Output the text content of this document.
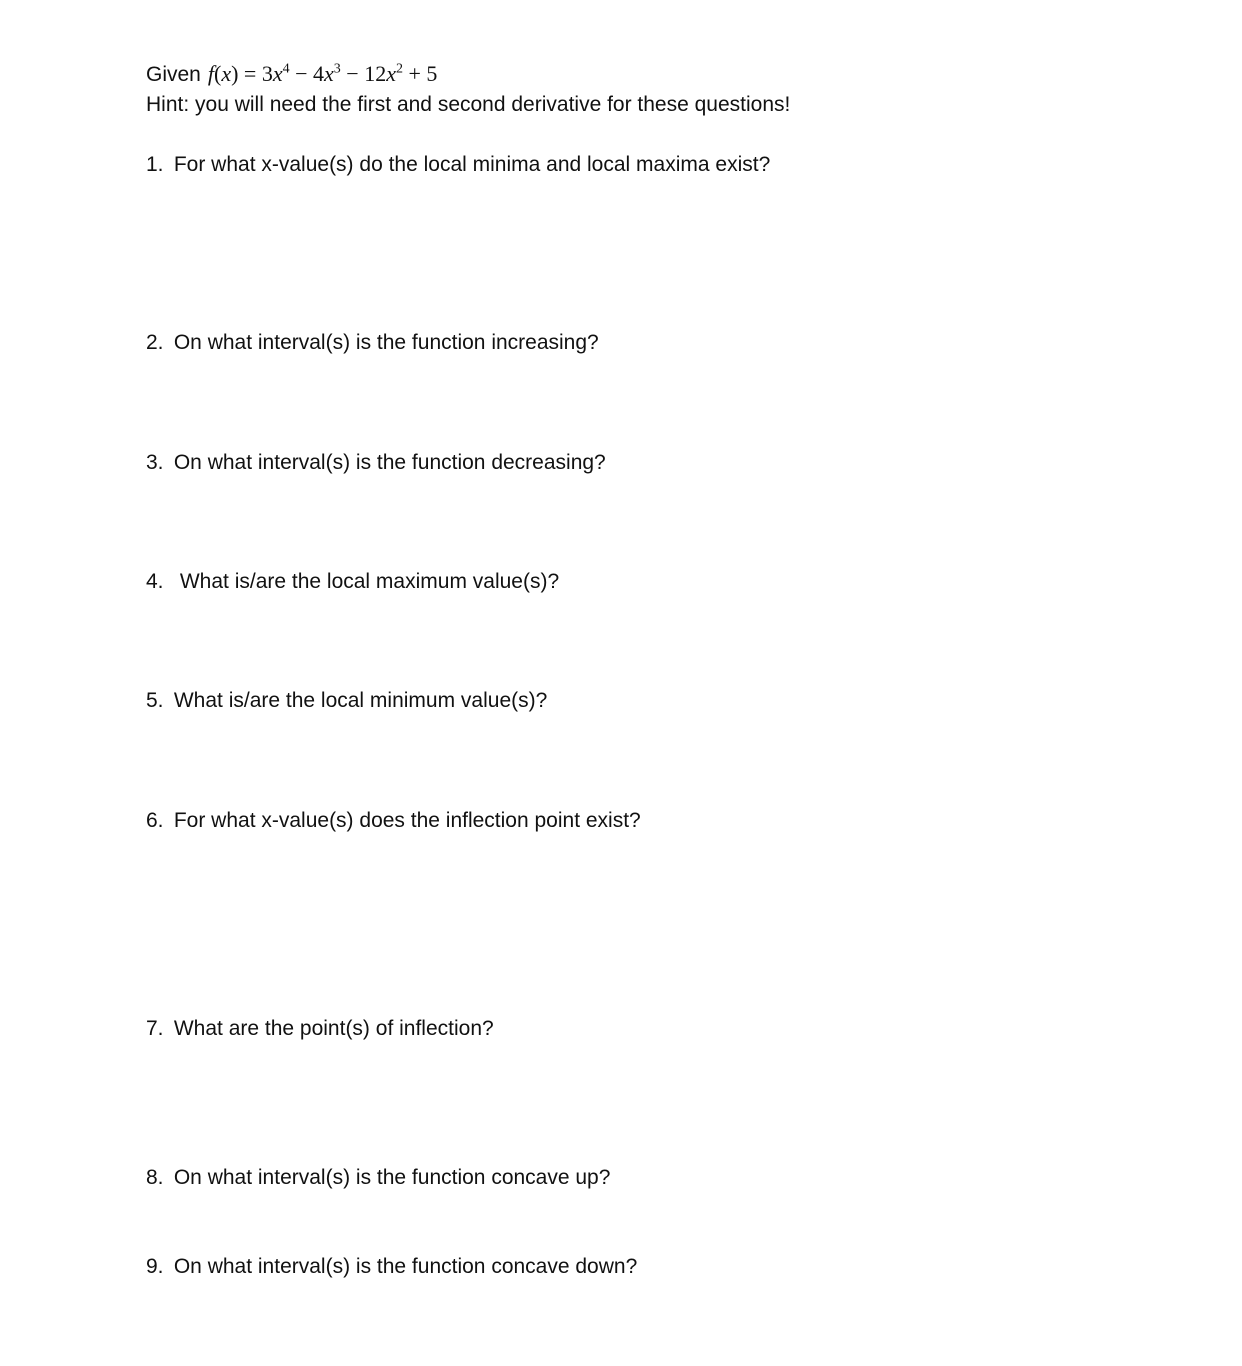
Given $f(x) = 3x^4 - 4x^3 - 12x^2 + 5$
Hint: you will need the first and second derivative for these questions!
1. For what x-value(s) do the local minima and local maxima exist?
2. On what interval(s) is the function increasing?
3. On what interval(s) is the function decreasing?
4. What is/are the local maximum value(s)?
5. What is/are the local minimum value(s)?
6. For what x-value(s) does the inflection point exist?
7. What are the point(s) of inflection?
8. On what interval(s) is the function concave up?
9. On what interval(s) is the function concave down?
